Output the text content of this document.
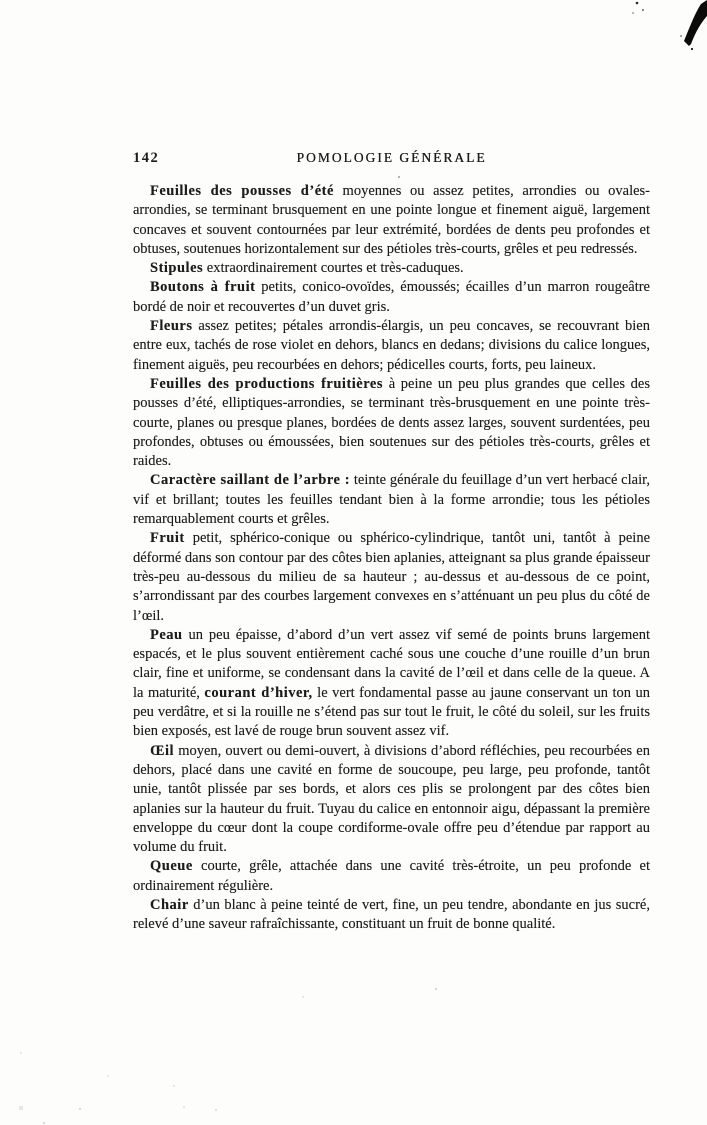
142	POMOLOGIE GÉNÉRALE

Feuilles des pousses d’été moyennes ou assez petites, arrondies ou ovales-arrondies, se terminant brusquement en une pointe longue et finement aiguë, largement concaves et souvent contournées par leur extrémité, bordées de dents peu profondes et obtuses, soutenues horizontalement sur des pétioles très-courts, grêles et peu redressés.

Stipules extraordinairement courtes et très-caduques.

Boutons à fruit petits, conico-ovoïdes, émoussés; écailles d’un marron rougeâtre bordé de noir et recouvertes d’un duvet gris.

Fleurs assez petites; pétales arrondis-élargis, un peu concaves, se recouvrant bien entre eux, tachés de rose violet en dehors, blancs en dedans; divisions du calice longues, finement aiguës, peu recourbées en dehors; pédicelles courts, forts, peu laineux.

Feuilles des productions fruitières à peine un peu plus grandes que celles des pousses d’été, elliptiques-arrondies, se terminant très-brusquement en une pointe très-courte, planes ou presque planes, bordées de dents assez larges, souvent surdentées, peu profondes, obtuses ou émoussées, bien soutenues sur des pétioles très-courts, grêles et raides.

Caractère saillant de l’arbre : teinte générale du feuillage d’un vert herbacé clair, vif et brillant; toutes les feuilles tendant bien à la forme arrondie; tous les pétioles remarquablement courts et grêles.

Fruit petit, sphérico-conique ou sphérico-cylindrique, tantôt uni, tantôt à peine déformé dans son contour par des côtes bien aplanies, atteignant sa plus grande épaisseur très-peu au-dessous du milieu de sa hauteur ; au-dessus et au-dessous de ce point, s’arrondissant par des courbes largement convexes en s’atténuant un peu plus du côté de l’œil.

Peau un peu épaisse, d’abord d’un vert assez vif semé de points bruns largement espacés, et le plus souvent entièrement caché sous une couche d’une rouille d’un brun clair, fine et uniforme, se condensant dans la cavité de l’œil et dans celle de la queue. A la maturité, courant d’hiver, le vert fondamental passe au jaune conservant un ton un peu verdâtre, et si la rouille ne s’étend pas sur tout le fruit, le côté du soleil, sur les fruits bien exposés, est lavé de rouge brun souvent assez vif.

Œil moyen, ouvert ou demi-ouvert, à divisions d’abord réfléchies, peu recourbées en dehors, placé dans une cavité en forme de soucoupe, peu large, peu profonde, tantôt unie, tantôt plissée par ses bords, et alors ces plis se prolongent par des côtes bien aplanies sur la hauteur du fruit. Tuyau du calice en entonnoir aigu, dépassant la première enveloppe du cœur dont la coupe cordiforme-ovale offre peu d’étendue par rapport au volume du fruit.

Queue courte, grêle, attachée dans une cavité très-étroite, un peu profonde et ordinairement régulière.

Chair d’un blanc à peine teinté de vert, fine, un peu tendre, abondante en jus sucré, relevé d’une saveur rafraîchissante, constituant un fruit de bonne qualité.
